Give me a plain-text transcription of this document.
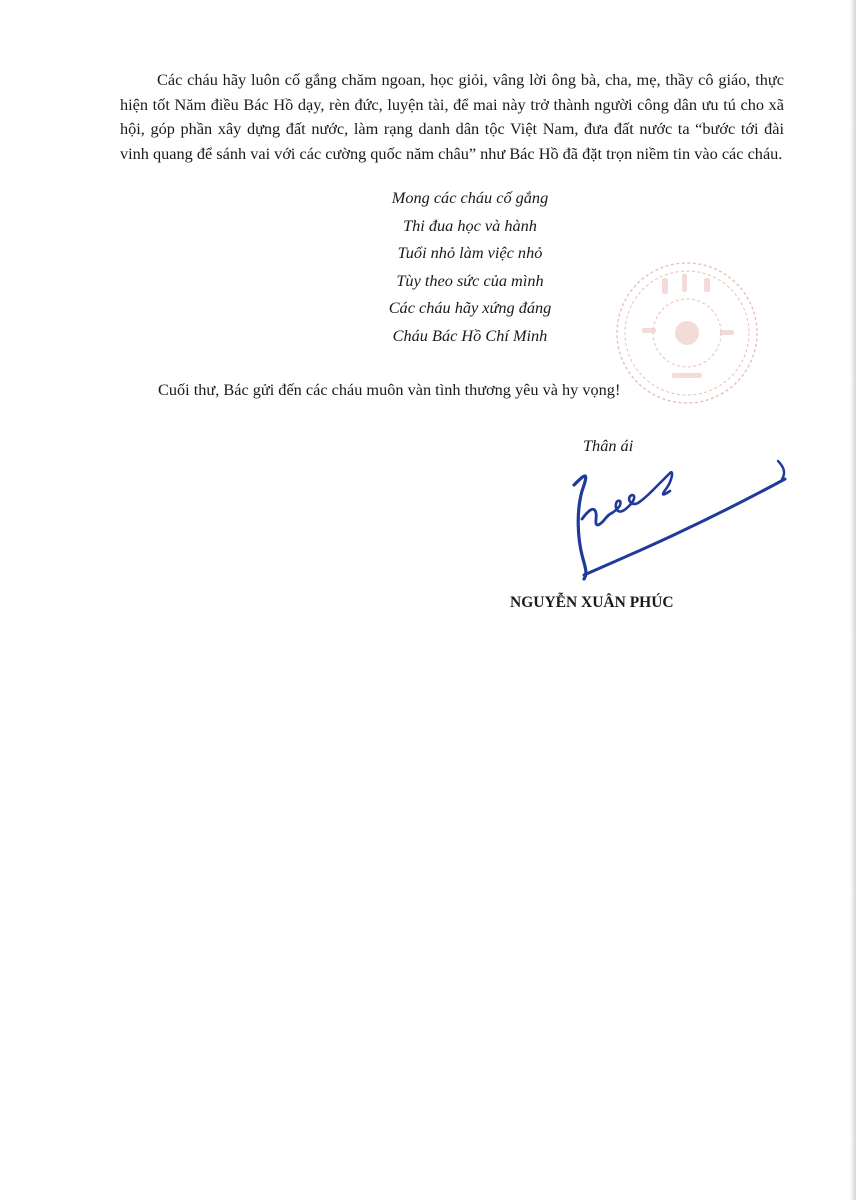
Các cháu hãy luôn cố gắng chăm ngoan, học giỏi, vâng lời ông bà, cha, mẹ, thầy cô giáo, thực hiện tốt Năm điều Bác Hồ dạy, rèn đức, luyện tài, để mai này trở thành người công dân ưu tú cho xã hội, góp phần xây dựng đất nước, làm rạng danh dân tộc Việt Nam, đưa đất nước ta “bước tới đài vinh quang để sánh vai với các cường quốc năm châu” như Bác Hồ đã đặt trọn niềm tin vào các cháu.

Mong các cháu cố gắng
Thi đua học và hành
Tuổi nhỏ làm việc nhỏ
Tùy theo sức của mình
Các cháu hãy xứng đáng
Cháu Bác Hồ Chí Minh

Cuối thư, Bác gửi đến các cháu muôn vàn tình thương yêu và hy vọng!

Thân ái

NGUYỄN XUÂN PHÚC
